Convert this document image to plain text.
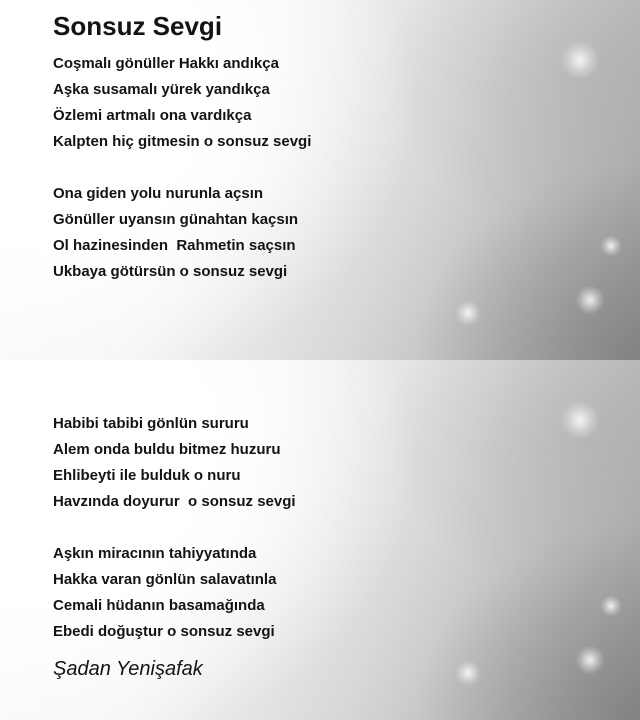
Sonsuz Sevgi
Coşmalı gönüller Hakkı andıkça
Aşka susamalı yürek yandıkça
Özlemi artmalı ona vardıkça
Kalpten hiç gitmesin o sonsuz sevgi
Ona giden yolu nurunla açsın
Gönüller uyansın günahtan kaçsın
Ol hazinesinden  Rahmetin saçsın
Ukbaya götürsün o sonsuz sevgi
Habibi tabibi gönlün sururu
Alem onda buldu bitmez huzuru
Ehlibeyti ile bulduk o nuru
Havzında doyurur  o sonsuz sevgi
Aşkın miracının tahiyyatında
Hakka varan gönlün salavatınla
Cemali hüdanın basamağında
Ebedi doğuştur o sonsuz sevgi
Şadan Yenişafak
